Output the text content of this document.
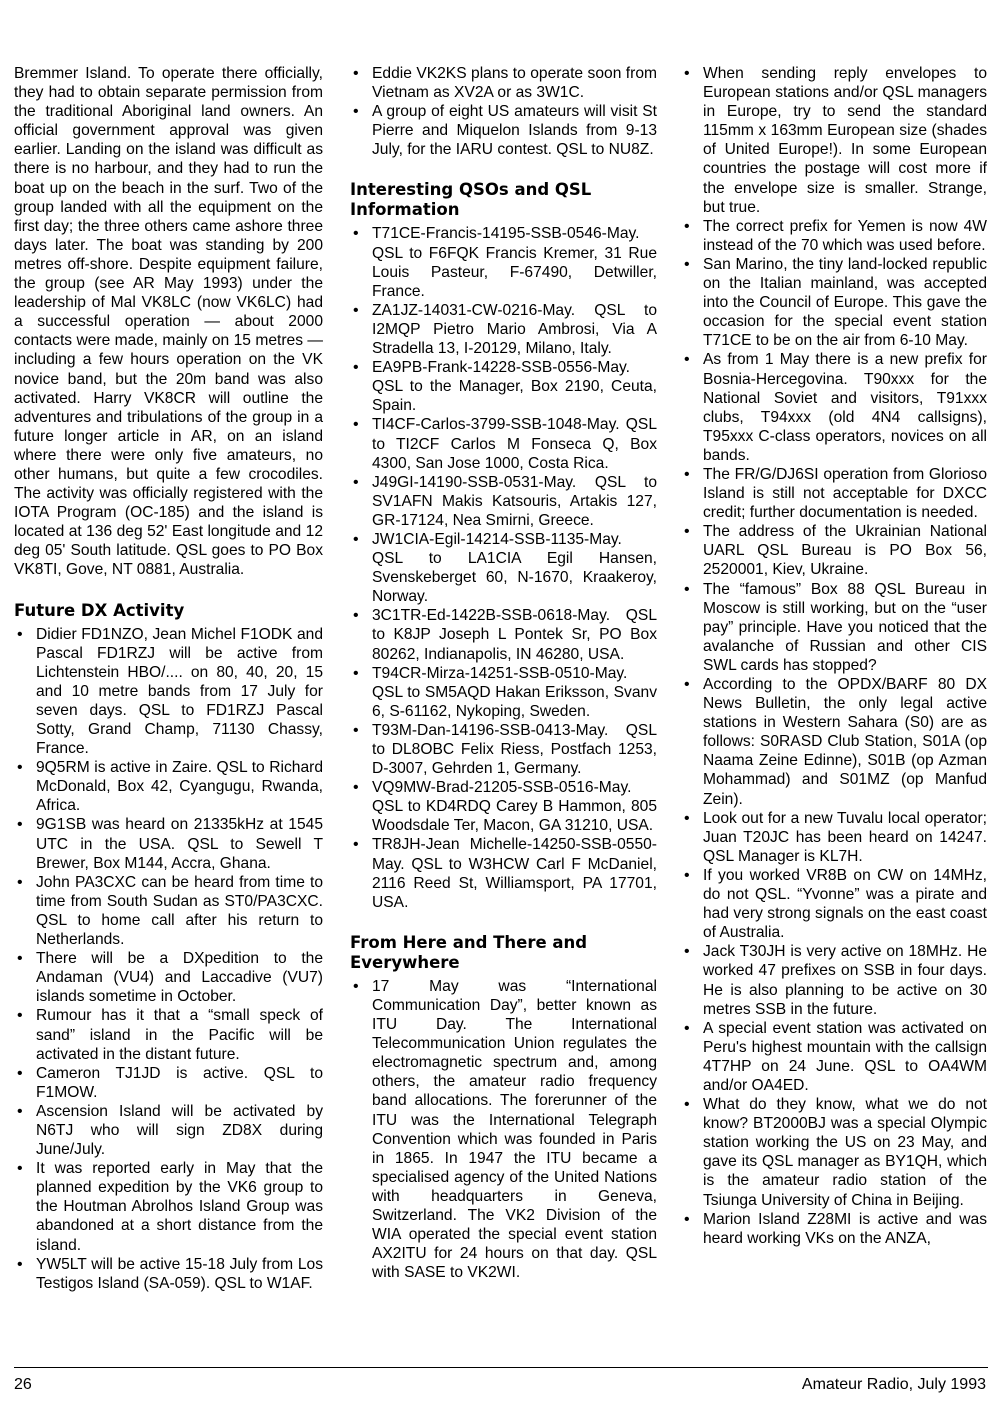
Bremmer Island. To operate there officially, they had to obtain separate permission from the traditional Aboriginal land owners. An official government approval was given earlier. Landing on the island was difficult as there is no harbour, and they had to run the boat up on the beach in the surf. Two of the group landed with all the equipment on the first day; the three others came ashore three days later. The boat was standing by 200 metres off-shore. Despite equipment failure, the group (see AR May 1993) under the leadership of Mal VK8LC (now VK6LC) had a successful operation — about 2000 contacts were made, mainly on 15 metres — including a few hours operation on the VK novice band, but the 20m band was also activated. Harry VK8CR will outline the adventures and tribulations of the group in a future longer article in AR, on an island where there were only five amateurs, no other humans, but quite a few crocodiles. The activity was officially registered with the IOTA Program (OC-185) and the island is located at 136 deg 52' East longitude and 12 deg 05' South latitude. QSL goes to PO Box VK8TI, Gove, NT 0881, Australia.

Future DX Activity
• Didier FD1NZO, Jean Michel F1ODK and Pascal FD1RZJ will be active from Lichtenstein HBO/.... on 80, 40, 20, 15 and 10 metre bands from 17 July for seven days. QSL to FD1RZJ Pascal Sotty, Grand Champ, 71130 Chassy, France.
• 9Q5RM is active in Zaire. QSL to Richard McDonald, Box 42, Cyangugu, Rwanda, Africa.
• 9G1SB was heard on 21335kHz at 1545 UTC in the USA. QSL to Sewell T Brewer, Box M144, Accra, Ghana.
• John PA3CXC can be heard from time to time from South Sudan as ST0/PA3CXC. QSL to home call after his return to Netherlands.
• There will be a DXpedition to the Andaman (VU4) and Laccadive (VU7) islands sometime in October.
• Rumour has it that a “small speck of sand” island in the Pacific will be activated in the distant future.
• Cameron TJ1JD is active. QSL to F1MOW.
• Ascension Island will be activated by N6TJ who will sign ZD8X during June/July.
• It was reported early in May that the planned expedition by the VK6 group to the Houtman Abrolhos Island Group was abandoned at a short distance from the island.
• YW5LT will be active 15-18 July from Los Testigos Island (SA-059). QSL to W1AF.
• Eddie VK2KS plans to operate soon from Vietnam as XV2A or as 3W1C.
• A group of eight US amateurs will visit St Pierre and Miquelon Islands from 9-13 July, for the IARU contest. QSL to NU8Z.
Interesting QSOs and QSL Information
• T71CE-Francis-14195-SSB-0546-May. QSL to F6FQK Francis Kremer, 31 Rue Louis Pasteur, F-67490, Detwiller, France.
• ZA1JZ-14031-CW-0216-May. QSL to I2MQP Pietro Mario Ambrosi, Via A Stradella 13, I-20129, Milano, Italy.
• EA9PB-Frank-14228-SSB-0556-May. QSL to the Manager, Box 2190, Ceuta, Spain.
• TI4CF-Carlos-3799-SSB-1048-May. QSL to TI2CF Carlos M Fonseca Q, Box 4300, San Jose 1000, Costa Rica.
• J49GI-14190-SSB-0531-May. QSL to SV1AFN Makis Katsouris, Artakis 127, GR-17124, Nea Smirni, Greece.
• JW1CIA-Egil-14214-SSB-1135-May. QSL to LA1CIA Egil Hansen, Svenskeberget 60, N-1670, Kraakeroy, Norway.
• 3C1TR-Ed-1422B-SSB-0618-May. QSL to K8JP Joseph L Pontek Sr, PO Box 80262, Indianapolis, IN 46280, USA.
• T94CR-Mirza-14251-SSB-0510-May. QSL to SM5AQD Hakan Eriksson, Svanv 6, S-61162, Nykoping, Sweden.
• T93M-Dan-14196-SSB-0413-May. QSL to DL8OBC Felix Riess, Postfach 1253, D-3007, Gehrden 1, Germany.
• VQ9MW-Brad-21205-SSB-0516-May. QSL to KD4RDQ Carey B Hammon, 805 Woodsdale Ter, Macon, GA 31210, USA.
• TR8JH-Jean Michelle-14250-SSB-0550-May. QSL to W3HCW Carl F McDaniel, 2116 Reed St, Williamsport, PA 17701, USA.
From Here and There and Everywhere
• 17 May was “International Communication Day”, better known as ITU Day. The International Telecommunication Union regulates the electromagnetic spectrum and, among others, the amateur radio frequency band allocations. The forerunner of the ITU was the International Telegraph Convention which was founded in Paris in 1865. In 1947 the ITU became a specialised agency of the United Nations with headquarters in Geneva, Switzerland. The VK2 Division of the WIA operated the special event station AX2ITU for 24 hours on that day. QSL with SASE to VK2WI.
• When sending reply envelopes to European stations and/or QSL managers in Europe, try to send the standard 115mm x 163mm European size (shades of United Europe!). In some European countries the postage will cost more if the envelope size is smaller. Strange, but true.
• The correct prefix for Yemen is now 4W instead of the 70 which was used before.
• San Marino, the tiny land-locked republic on the Italian mainland, was accepted into the Council of Europe. This gave the occasion for the special event station T71CE to be on the air from 6-10 May.
• As from 1 May there is a new prefix for Bosnia-Hercegovina. T90xxx for the National Soviet and visitors, T91xxx clubs, T94xxx (old 4N4 callsigns), T95xxx C-class operators, novices on all bands.
• The FR/G/DJ6SI operation from Glorioso Island is still not acceptable for DXCC credit; further documentation is needed.
• The address of the Ukrainian National UARL QSL Bureau is PO Box 56, 2520001, Kiev, Ukraine.
• The “famous” Box 88 QSL Bureau in Moscow is still working, but on the “user pay” principle. Have you noticed that the avalanche of Russian and other CIS SWL cards has stopped?
• According to the OPDX/BARF 80 DX News Bulletin, the only legal active stations in Western Sahara (S0) are as follows: S0RASD Club Station, S01A (op Naama Zeine Edinne), S01B (op Azman Mohammad) and S01MZ (op Manfud Zein).
• Look out for a new Tuvalu local operator; Juan T20JC has been heard on 14247. QSL Manager is KL7H.
• If you worked VR8B on CW on 14MHz, do not QSL. “Yvonne” was a pirate and had very strong signals on the east coast of Australia.
• Jack T30JH is very active on 18MHz. He worked 47 prefixes on SSB in four days. He is also planning to be active on 30 metres SSB in the future.
• A special event station was activated on Peru's highest mountain with the callsign 4T7HP on 24 June. QSL to OA4WM and/or OA4ED.
• What do they know, what we do not know? BT2000BJ was a special Olympic station working the US on 23 May, and gave its QSL manager as BY1QH, which is the amateur radio station of the Tsiunga University of China in Beijing.
• Marion Island Z28MI is active and was heard working VKs on the ANZA,
26	Amateur Radio, July 1993
